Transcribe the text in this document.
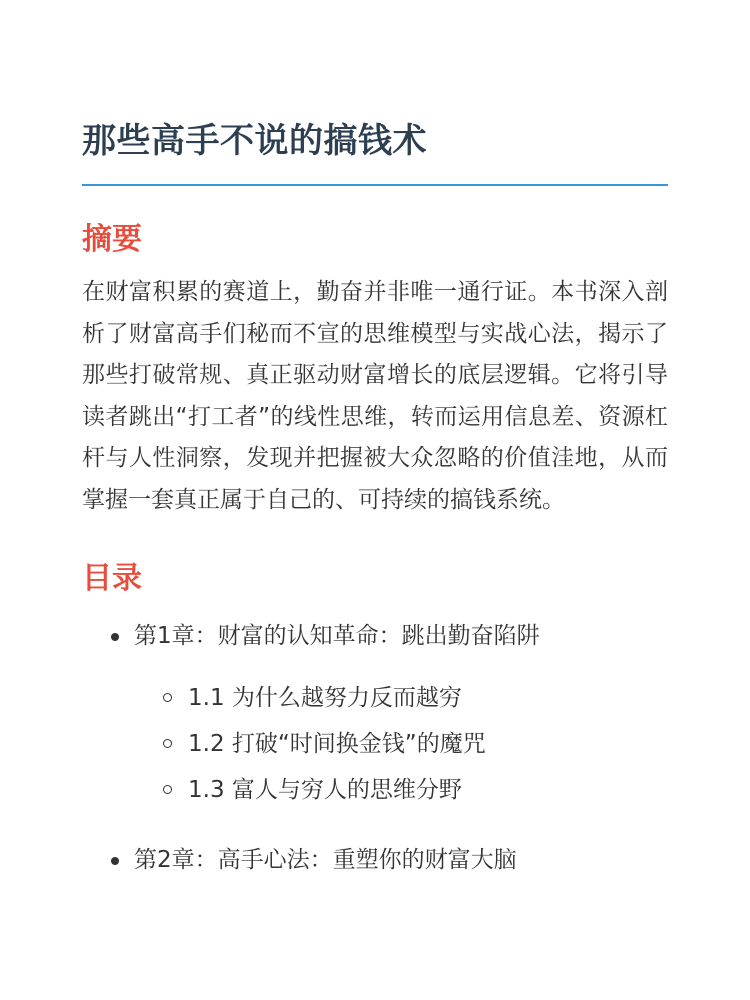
那些高手不说的搞钱术
摘要

在财富积累的赛道上，勤奋并非唯一通行证。本书深入剖析了财富高手们秘而不宣的思维模型与实战心法，揭示了那些打破常规、真正驱动财富增长的底层逻辑。它将引导读者跳出“打工者”的线性思维，转而运用信息差、资源杠杆与人性洞察，发现并把握被大众忽略的价值洼地，从而掌握一套真正属于自己的、可持续的搞钱系统。

目录
第1章：财富的认知革命：跳出勤奋陷阱
1.1 为什么越努力反而越穷
1.2 打破“时间换金钱”的魔咒
1.3 富人与穷人的思维分野
第2章：高手心法：重塑你的财富大脑
